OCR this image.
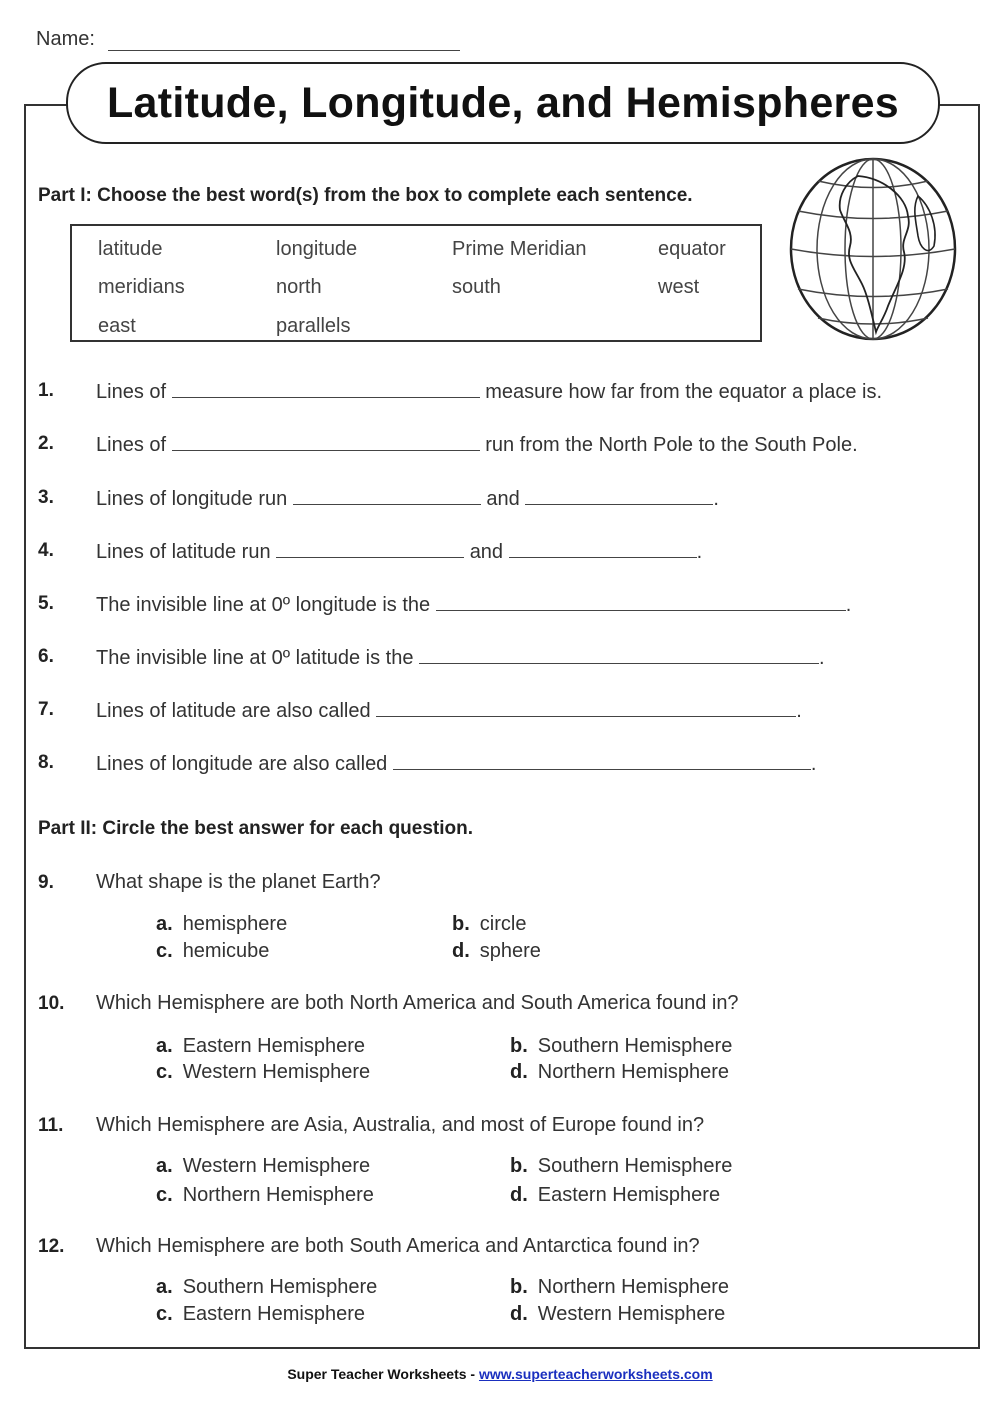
Name:
Latitude, Longitude, and Hemispheres
Part I: Choose the best word(s) from the box to complete each sentence.
latitude	longitude	Prime Meridian	equator
meridians	north	south	west
east	parallels
1. Lines of	measure how far from the equator a place is.
2. Lines of	run from the North Pole to the South Pole.
3. Lines of longitude run	and	.
4. Lines of latitude run	and	.
5. The invisible line at 0º longitude is the	.
6. The invisible line at 0º latitude is the	.
7. Lines of latitude are also called	.
8. Lines of longitude are also called	.
Part II: Circle the best answer for each question.
9. What shape is the planet Earth?
a. hemisphere	b. circle
c. hemicube	d. sphere
10. Which Hemisphere are both North America and South America found in?
a. Eastern Hemisphere	b. Southern Hemisphere
c. Western Hemisphere	d. Northern Hemisphere
11. Which Hemisphere are Asia, Australia, and most of Europe found in?
a. Western Hemisphere	b. Southern Hemisphere
c. Northern Hemisphere	d. Eastern Hemisphere
12. Which Hemisphere are both South America and Antarctica found in?
a. Southern Hemisphere	b. Northern Hemisphere
c. Eastern Hemisphere	d. Western Hemisphere
Super Teacher Worksheets - www.superteacherworksheets.com
